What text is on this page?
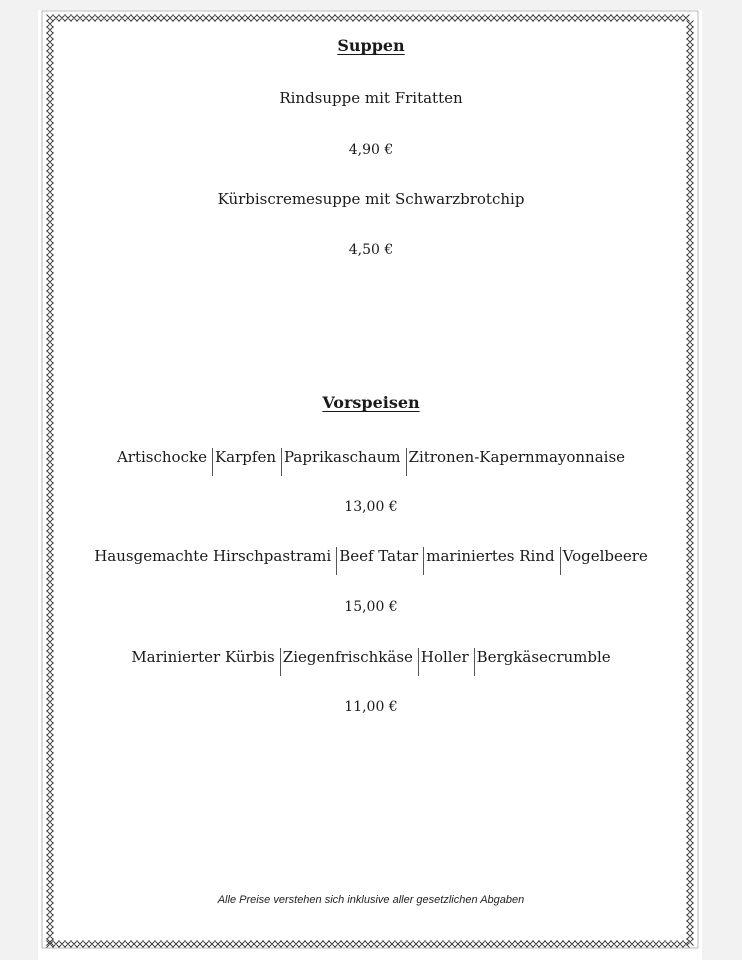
Suppen
Rindsuppe mit Fritatten
4,90 €
Kürbiscremesuppe mit Schwarzbrotchip
4,50 €
Vorspeisen
Artischocke Karpfen Paprikaschaum Zitronen-Kapernmayonnaise
13,00 €
Hausgemachte Hirschpastrami Beef Tatar mariniertes Rind Vogelbeere
15,00 €
Marinierter Kürbis Ziegenfrischkäse Holler Bergkäsecrumble
11,00 €
Alle Preise verstehen sich inklusive aller gesetzlichen Abgaben
